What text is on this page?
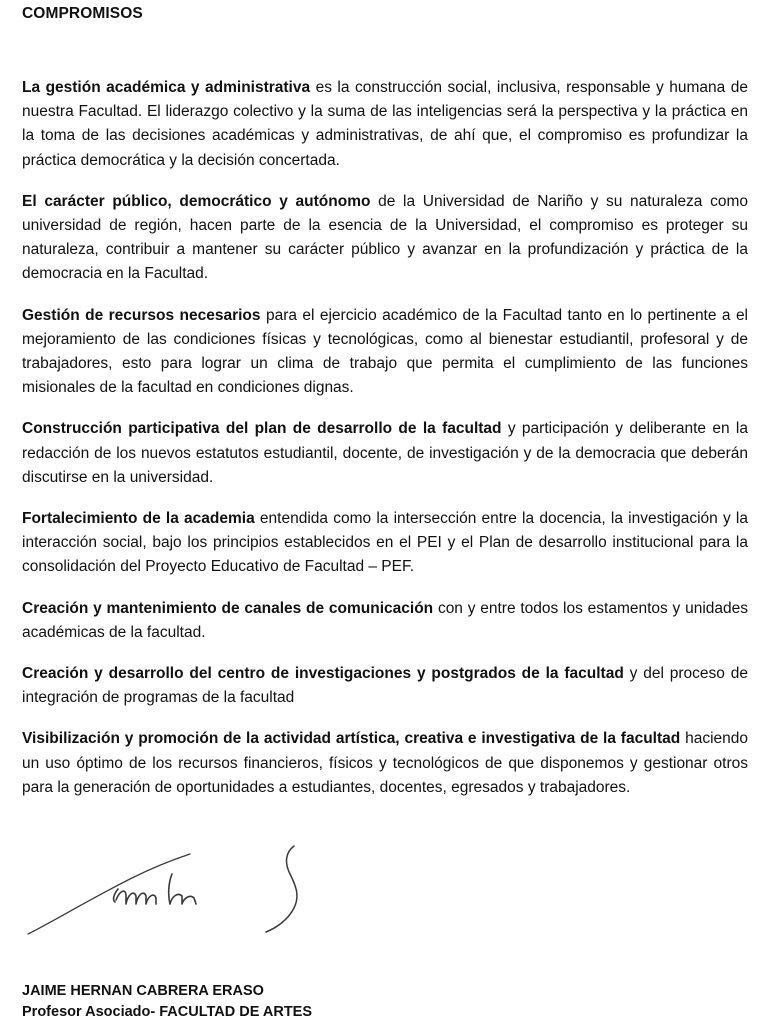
COMPROMISOS

La gestión académica y administrativa es la construcción social, inclusiva, responsable y humana de nuestra Facultad. El liderazgo colectivo y la suma de las inteligencias será la perspectiva y la práctica en la toma de las decisiones académicas y administrativas, de ahí que, el compromiso es profundizar la práctica democrática y la decisión concertada.

El carácter público, democrático y autónomo de la Universidad de Nariño y su naturaleza como universidad de región, hacen parte de la esencia de la Universidad, el compromiso es proteger su naturaleza, contribuir a mantener su carácter público y avanzar en la profundización y práctica de la democracia en la Facultad.

Gestión de recursos necesarios para el ejercicio académico de la Facultad tanto en lo pertinente a el mejoramiento de las condiciones físicas y tecnológicas, como al bienestar estudiantil, profesoral y de trabajadores, esto para lograr un clima de trabajo que permita el cumplimiento de las funciones misionales de la facultad en condiciones dignas.

Construcción participativa del plan de desarrollo de la facultad y participación y deliberante en la redacción de los nuevos estatutos estudiantil, docente, de investigación y de la democracia que deberán discutirse en la universidad.

Fortalecimiento de la academia entendida como la intersección entre la docencia, la investigación y la interacción social, bajo los principios establecidos en el PEI y el Plan de desarrollo institucional para la consolidación del Proyecto Educativo de Facultad – PEF.

Creación y mantenimiento de canales de comunicación con y entre todos los estamentos y unidades académicas de la facultad.

Creación y desarrollo del centro de investigaciones y postgrados de la facultad y del proceso de integración de programas de la facultad

Visibilización y promoción de la actividad artística, creativa e investigativa de la facultad haciendo un uso óptimo de los recursos financieros, físicos y tecnológicos de que disponemos y gestionar otros para la generación de oportunidades a estudiantes, docentes, egresados y trabajadores.

JAIME HERNAN CABRERA ERASO
Profesor Asociado- FACULTAD DE ARTES
